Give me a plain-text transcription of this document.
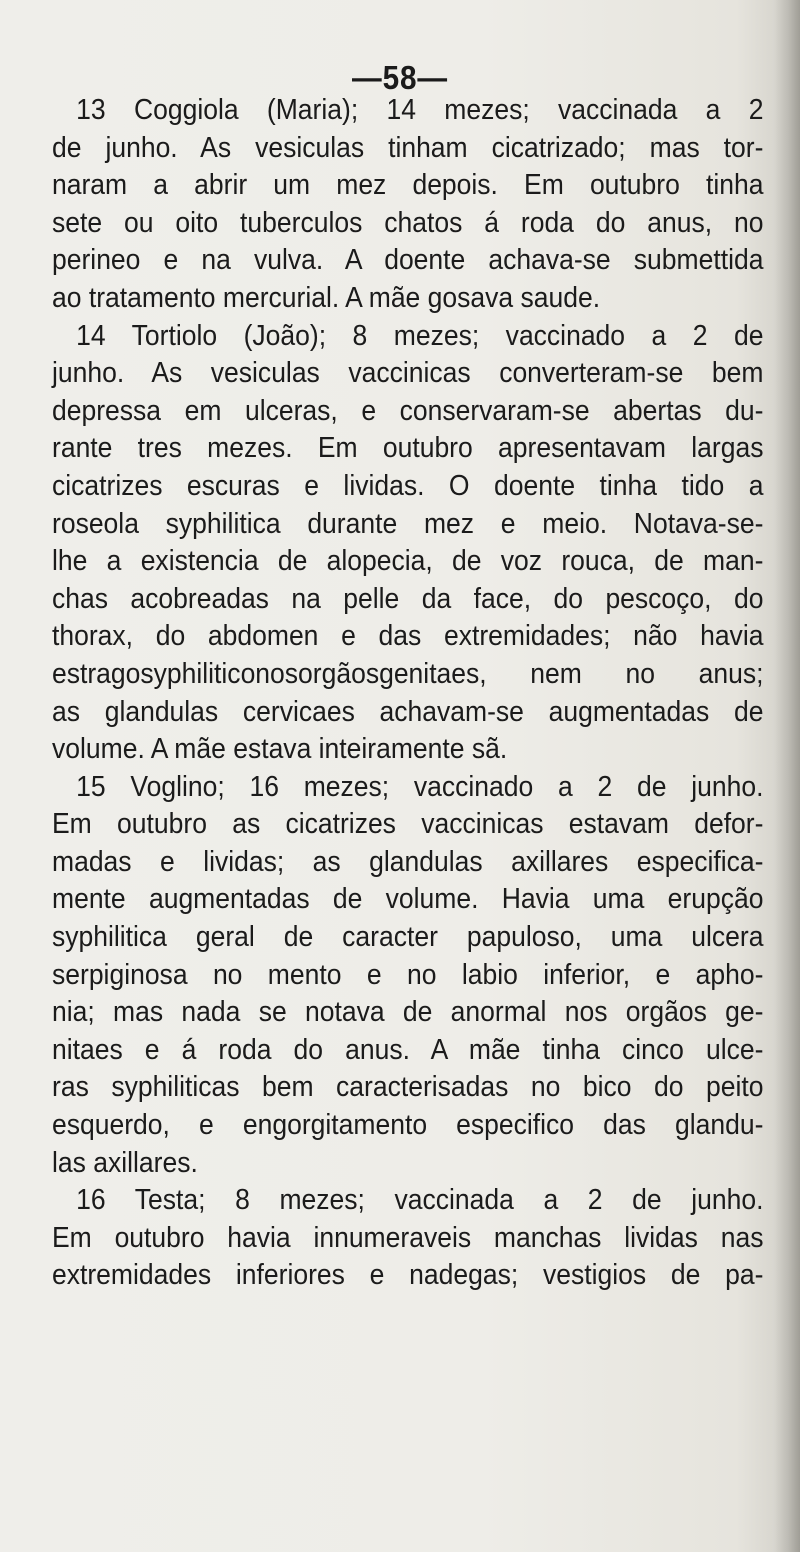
—58—
13 Coggiola (Maria); 14 mezes; vaccinada a 2
de junho. As vesiculas tinham cicatrizado; mas tor-
naram a abrir um mez depois. Em outubro tinha
sete ou oito tuberculos chatos á roda do anus, no
perineo e na vulva. A doente achava-se submettida
ao tratamento mercurial. A mãe gosava saude.
14 Tortiolo (João); 8 mezes; vaccinado a 2 de
junho. As vesiculas vaccinicas converteram-se bem
depressa em ulceras, e conservaram-se abertas du-
rante tres mezes. Em outubro apresentavam largas
cicatrizes escuras e lividas. O doente tinha tido a
roseola syphilitica durante mez e meio. Notava-se-
lhe a existencia de alopecia, de voz rouca, de man-
chas acobreadas na pelle da face, do pescoço, do
thorax, do abdomen e das extremidades; não havia
estragosyphiliticonosorgãosgenitaes, nem no anus;
as glandulas cervicaes achavam-se augmentadas de
volume. A mãe estava inteiramente sã.
15 Voglino; 16 mezes; vaccinado a 2 de junho.
Em outubro as cicatrizes vaccinicas estavam defor-
madas e lividas; as glandulas axillares especifica-
mente augmentadas de volume. Havia uma erupção
syphilitica geral de caracter papuloso, uma ulcera
serpiginosa no mento e no labio inferior, e apho-
nia; mas nada se notava de anormal nos orgãos ge-
nitaes e á roda do anus. A mãe tinha cinco ulce-
ras syphiliticas bem caracterisadas no bico do peito
esquerdo, e engorgitamento especifico das glandu-
las axillares.
16 Testa; 8 mezes; vaccinada a 2 de junho.
Em outubro havia innumeraveis manchas lividas nas
extremidades inferiores e nadegas; vestigios de pa-
